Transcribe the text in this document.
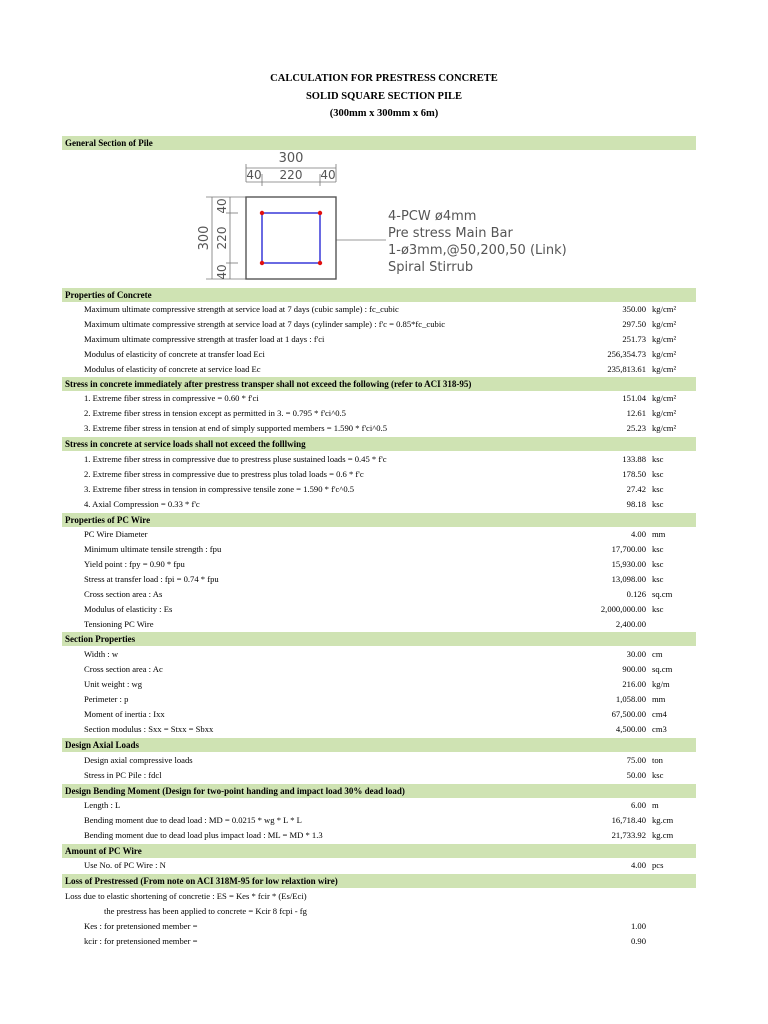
CALCULATION FOR PRESTRESS CONCRETE
SOLID SQUARE SECTION PILE
(300mm x 300mm x 6m)
General Section of Pile
300
40 220 40
300
40
220
40
4-PCW ø4mm
Pre stress Main Bar
1-ø3mm,@50,200,50 (Link)
Spiral Stirrub
Properties of Concrete
Maximum ultimate compressive strength at service load at 7 days (cubic sample) : fc_cubic	350.00 kg/cm²
Maximum ultimate compressive strength at service load at 7 days (cylinder sample) : f'c = 0.85*fc_cubic	297.50 kg/cm²
Maximum ultimate compressive strength at trasfer load at 1 days : f'ci	251.73 kg/cm²
Modulus of elasticity of concrete at transfer load Eci	256,354.73 kg/cm²
Modulus of elasticity of concrete at service load Ec	235,813.61 kg/cm²
Stress in concrete immediately after prestress transper shall not exceed the following (refer to ACI 318-95)
1. Extreme fiber stress in compressive = 0.60 * f'ci	151.04 kg/cm²
2. Extreme fiber stress in tension except as permitted in 3. = 0.795 * f'ci^0.5	12.61 kg/cm²
3. Extreme fiber stress in tension at end of simply supported members = 1.590 * f'ci^0.5	25.23 kg/cm²
Stress in concrete at service loads shall not exceed the folllwing
1. Extreme fiber stress in compressive due to prestress pluse sustained loads = 0.45 * f'c	133.88 ksc
2. Extreme fiber stress in compressive due to prestress plus tolad loads = 0.6 * f'c	178.50 ksc
3. Extreme fiber stress in tension in compressive tensile zone = 1.590 * f'c^0.5	27.42 ksc
4. Axial Compression = 0.33 * f'c	98.18 ksc
Properties of PC Wire
PC Wire Diameter	4.00 mm
Minimum ultimate tensile strength : fpu	17,700.00 ksc
Yield point : fpy = 0.90 * fpu	15,930.00 ksc
Stress at transfer load : fpi = 0.74 * fpu	13,098.00 ksc
Cross section area : As	0.126 sq.cm
Modulus of elasticity : Es	2,000,000.00 ksc
Tensioning PC Wire	2,400.00
Section Properties
Width : w	30.00 cm
Cross section area : Ac	900.00 sq.cm
Unit weight : wg	216.00 kg/m
Perimeter : p	1,058.00 mm
Moment of inertia : Ixx	67,500.00 cm4
Section modulus : Sxx = Stxx = Sbxx	4,500.00 cm3
Design Axial Loads
Design axial compressive loads	75.00 ton
Stress in PC Pile : fdcl	50.00 ksc
Design Bending Moment (Design for two-point handing and impact load 30% dead load)
Length : L	6.00 m
Bending moment due to dead load : MD = 0.0215 * wg * L * L	16,718.40 kg.cm
Bending moment due to dead load plus impact load : ML = MD * 1.3	21,733.92 kg.cm
Amount of PC Wire
Use No. of PC Wire : N	4.00 pcs
Loss of Prestressed (From note on ACI 318M-95 for low relaxtion wire)
Loss due to elastic shortening of concretie : ES = Kes * fcir * (Es/Eci)
the prestress has been applied to concrete = Kcir 8 fcpi - fg
Kes : for pretensioned member =	1.00
kcir : for pretensioned member =	0.90
